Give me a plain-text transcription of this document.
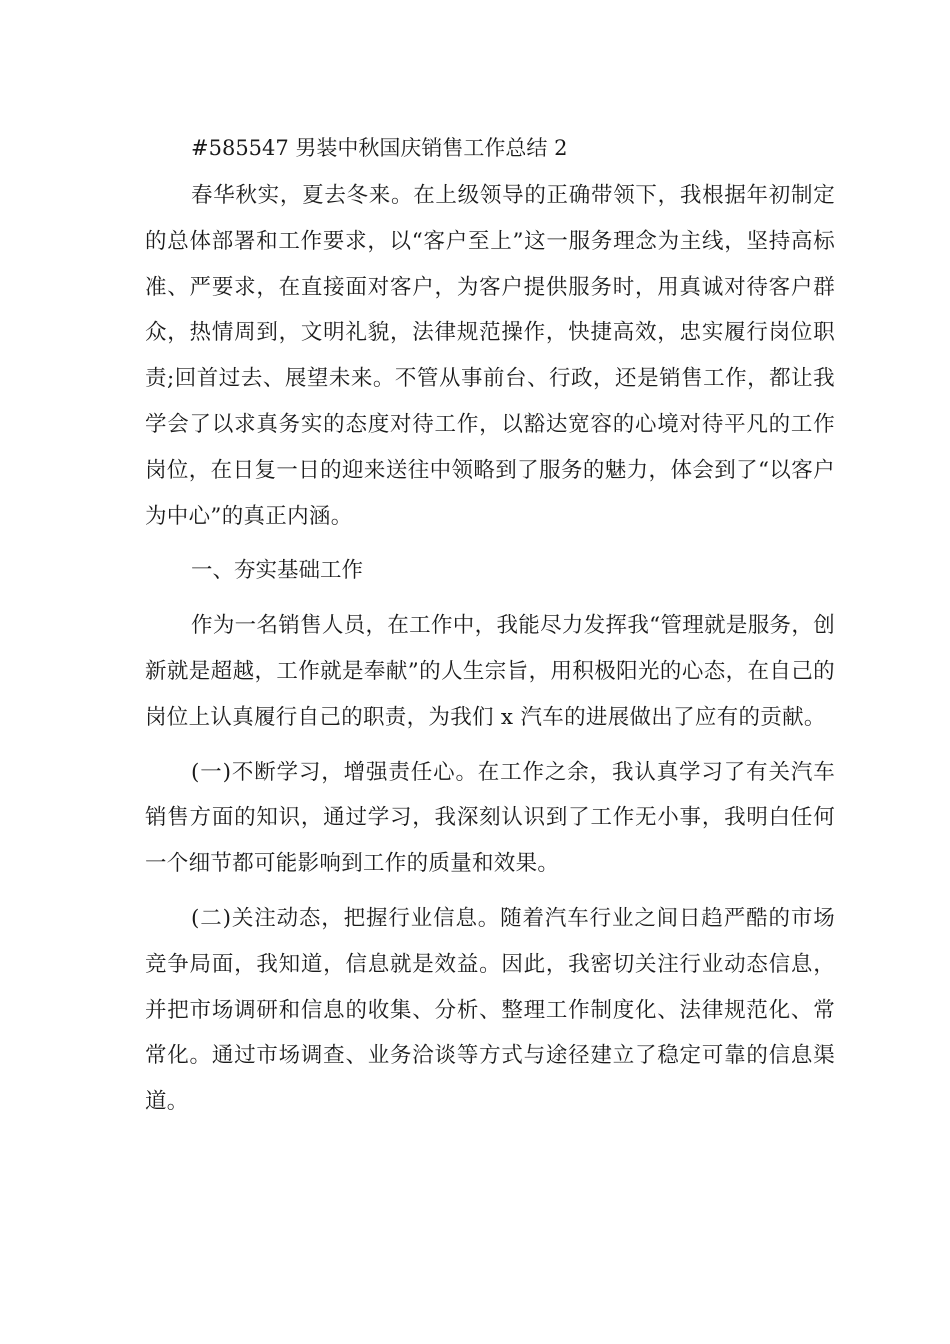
#585547 男装中秋国庆销售工作总结 2

春华秋实，夏去冬来。在上级领导的正确带领下，我根据年初制定的总体部署和工作要求，以“客户至上”这一服务理念为主线，坚持高标准、严要求，在直接面对客户，为客户提供服务时，用真诚对待客户群众，热情周到，文明礼貌，法律规范操作，快捷高效，忠实履行岗位职责;回首过去、展望未来。不管从事前台、行政，还是销售工作，都让我学会了以求真务实的态度对待工作，以豁达宽容的心境对待平凡的工作岗位，在日复一日的迎来送往中领略到了服务的魅力，体会到了“以客户为中心”的真正内涵。

一、夯实基础工作

作为一名销售人员，在工作中，我能尽力发挥我“管理就是服务，创新就是超越，工作就是奉献”的人生宗旨，用积极阳光的心态，在自己的岗位上认真履行自己的职责，为我们 x 汽车的进展做出了应有的贡献。

(一)不断学习，增强责任心。在工作之余，我认真学习了有关汽车销售方面的知识，通过学习，我深刻认识到了工作无小事，我明白任何一个细节都可能影响到工作的质量和效果。

(二)关注动态，把握行业信息。随着汽车行业之间日趋严酷的市场竞争局面，我知道，信息就是效益。因此，我密切关注行业动态信息，并把市场调研和信息的收集、分析、整理工作制度化、法律规范化、常常化。通过市场调查、业务洽谈等方式与途径建立了稳定可靠的信息渠道。
